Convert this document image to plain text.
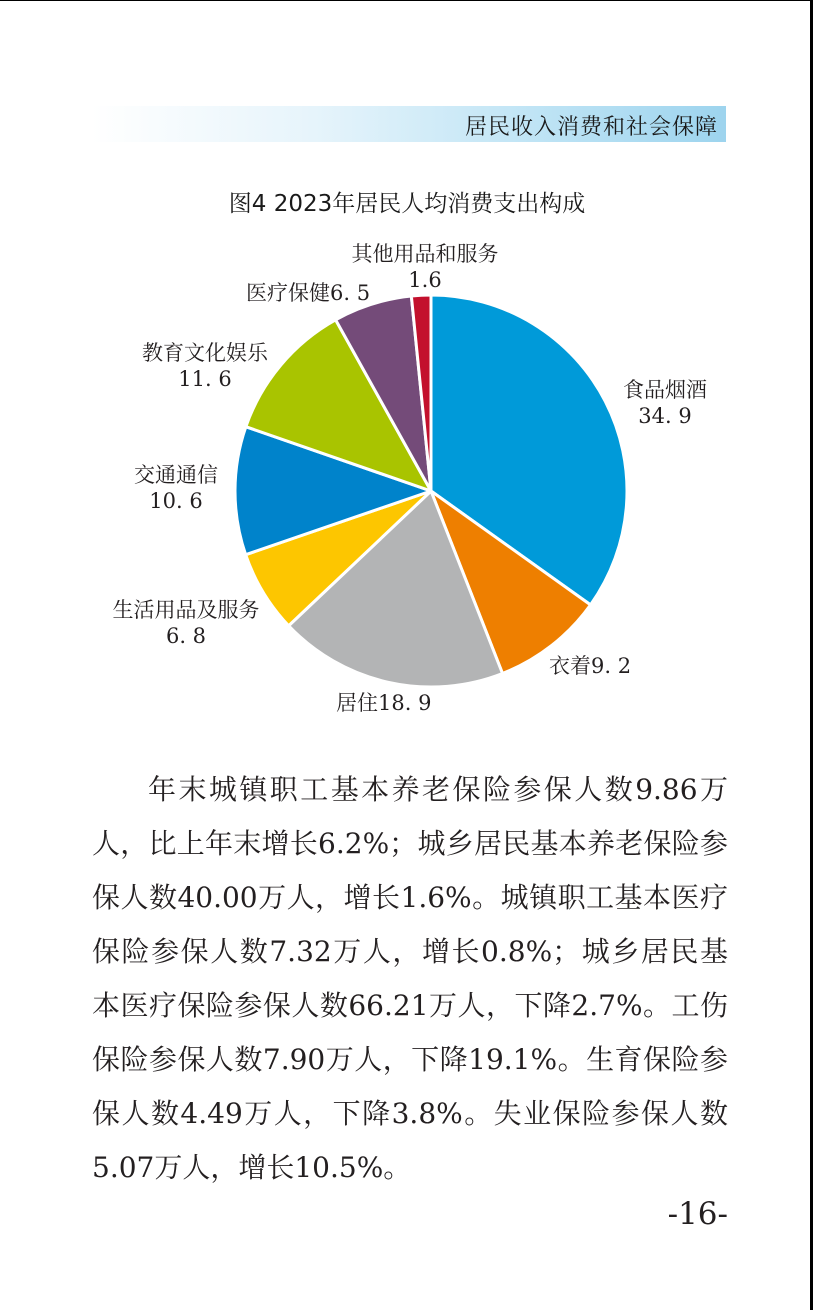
居民收入消费和社会保障
图4 2023年居民人均消费支出构成
食品烟酒
34. 9
衣着9. 2
居住18. 9
生活用品及服务
6. 8
交通通信
10. 6
教育文化娱乐
11. 6
医疗保健6. 5
其他用品和服务
1.6

年末城镇职工基本养老保险参保人数9.86万人，比上年末增长6.2%；城乡居民基本养老保险参保人数40.00万人，增长1.6%。城镇职工基本医疗保险参保人数7.32万人，增长0.8%；城乡居民基本医疗保险参保人数66.21万人，下降2.7%。工伤保险参保人数7.90万人，下降19.1%。生育保险参保人数4.49万人，下降3.8%。失业保险参保人数5.07万人，增长10.5%。

-16-
